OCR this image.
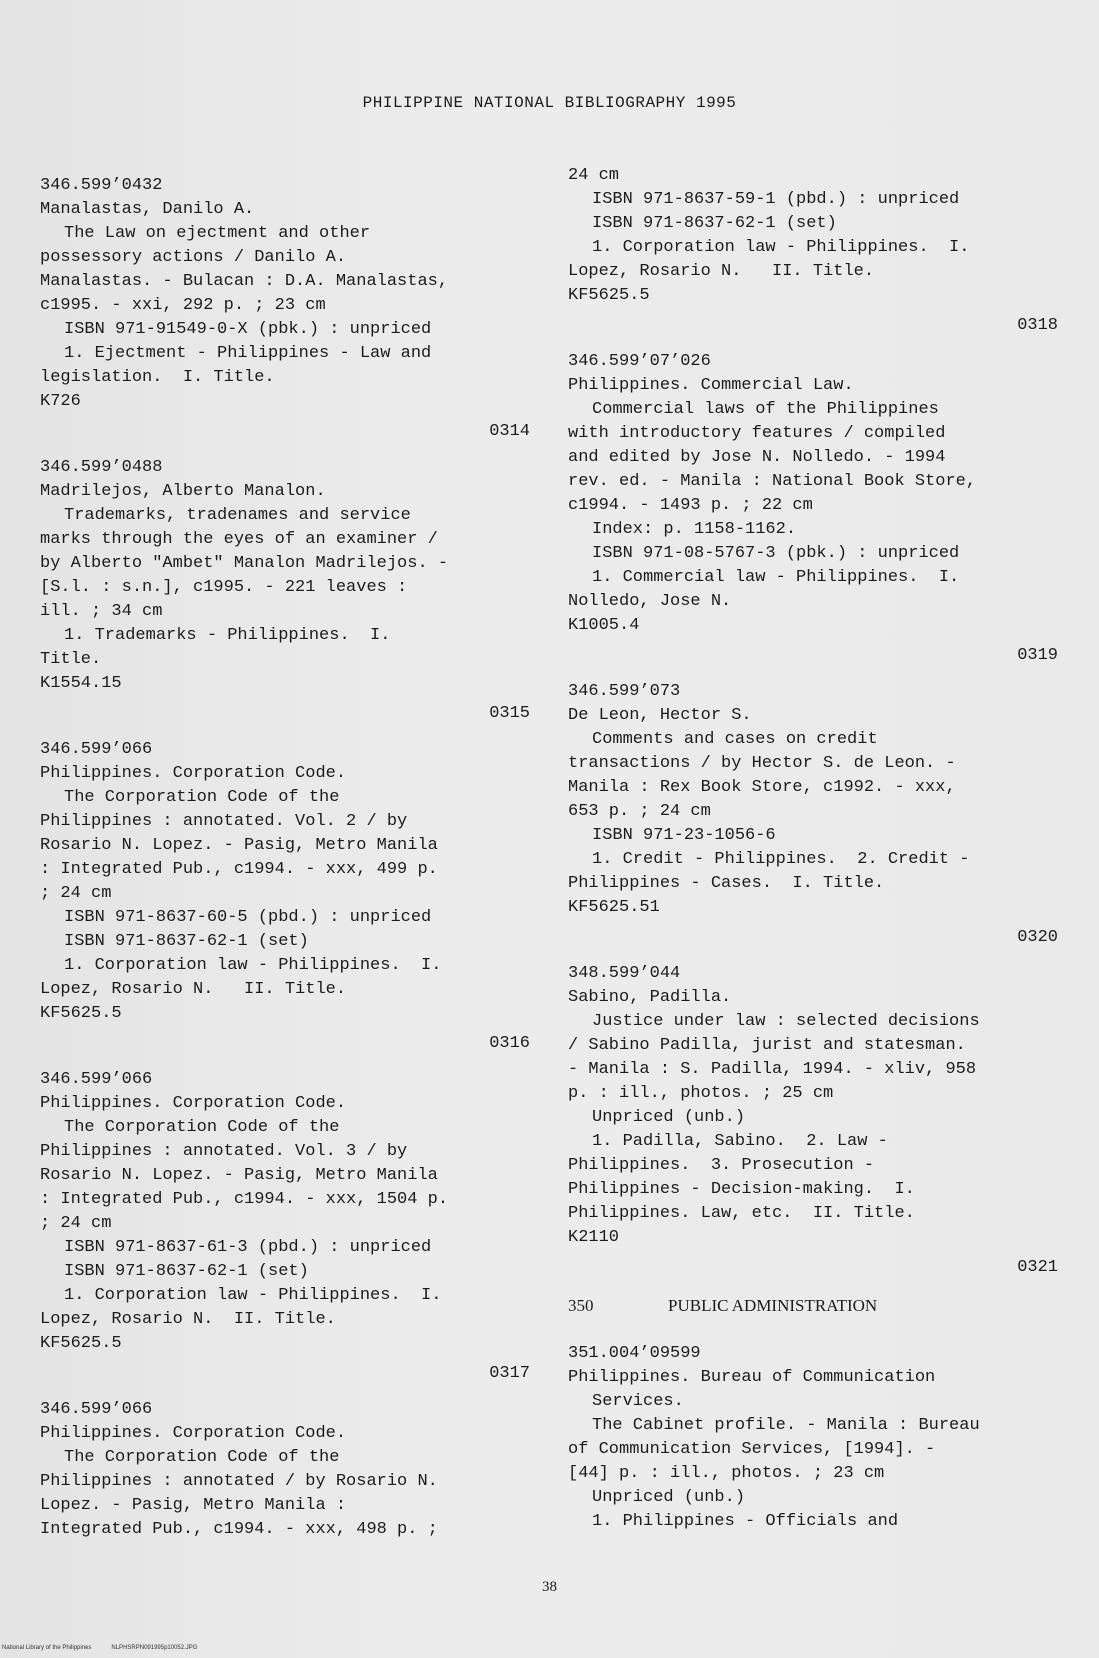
PHILIPPINE NATIONAL BIBLIOGRAPHY 1995
346.599’0432
Manalastas, Danilo A.
The Law on ejectment and other
possessory actions / Danilo A.
Manalastas. - Bulacan : D.A. Manalastas,
c1995. - xxi, 292 p. ; 23 cm
ISBN 971-91549-0-X (pbk.) : unpriced
1. Ejectment - Philippines - Law and
legislation.  I. Title.
K726
0314
346.599’0488
Madrilejos, Alberto Manalon.
Trademarks, tradenames and service
marks through the eyes of an examiner /
by Alberto "Ambet" Manalon Madrilejos. -
[S.l. : s.n.], c1995. - 221 leaves :
ill. ; 34 cm
1. Trademarks - Philippines.  I.
Title.
K1554.15
0315
346.599’066
Philippines. Corporation Code.
The Corporation Code of the
Philippines : annotated. Vol. 2 / by
Rosario N. Lopez. - Pasig, Metro Manila
: Integrated Pub., c1994. - xxx, 499 p.
; 24 cm
ISBN 971-8637-60-5 (pbd.) : unpriced
ISBN 971-8637-62-1 (set)
1. Corporation law - Philippines.  I.
Lopez, Rosario N.   II. Title.
KF5625.5
0316
346.599’066
Philippines. Corporation Code.
The Corporation Code of the
Philippines : annotated. Vol. 3 / by
Rosario N. Lopez. - Pasig, Metro Manila
: Integrated Pub., c1994. - xxx, 1504 p.
; 24 cm
ISBN 971-8637-61-3 (pbd.) : unpriced
ISBN 971-8637-62-1 (set)
1. Corporation law - Philippines.  I.
Lopez, Rosario N.  II. Title.
KF5625.5
0317
346.599’066
Philippines. Corporation Code.
The Corporation Code of the
Philippines : annotated / by Rosario N.
Lopez. - Pasig, Metro Manila :
Integrated Pub., c1994. - xxx, 498 p. ;
24 cm
ISBN 971-8637-59-1 (pbd.) : unpriced
ISBN 971-8637-62-1 (set)
1. Corporation law - Philippines.  I.
Lopez, Rosario N.   II. Title.
KF5625.5
0318
346.599’07’026
Philippines. Commercial Law.
Commercial laws of the Philippines
with introductory features / compiled
and edited by Jose N. Nolledo. - 1994
rev. ed. - Manila : National Book Store,
c1994. - 1493 p. ; 22 cm
Index: p. 1158-1162.
ISBN 971-08-5767-3 (pbk.) : unpriced
1. Commercial law - Philippines.  I.
Nolledo, Jose N.
K1005.4
0319
346.599’073
De Leon, Hector S.
Comments and cases on credit
transactions / by Hector S. de Leon. -
Manila : Rex Book Store, c1992. - xxx,
653 p. ; 24 cm
ISBN 971-23-1056-6
1. Credit - Philippines.  2. Credit -
Philippines - Cases.  I. Title.
KF5625.51
0320
348.599’044
Sabino, Padilla.
Justice under law : selected decisions
/ Sabino Padilla, jurist and statesman.
- Manila : S. Padilla, 1994. - xliv, 958
p. : ill., photos. ; 25 cm
Unpriced (unb.)
1. Padilla, Sabino.  2. Law -
Philippines.  3. Prosecution -
Philippines - Decision-making.  I.
Philippines. Law, etc.  II. Title.
K2110
0321
350	PUBLIC ADMINISTRATION
351.004’09599
Philippines. Bureau of Communication
Services.
The Cabinet profile. - Manila : Bureau
of Communication Services, [1994]. -
[44] p. : ill., photos. ; 23 cm
Unpriced (unb.)
1. Philippines - Officials and
38
National Library of the Philippines	NLPHSRPN091995p10052.JPG
